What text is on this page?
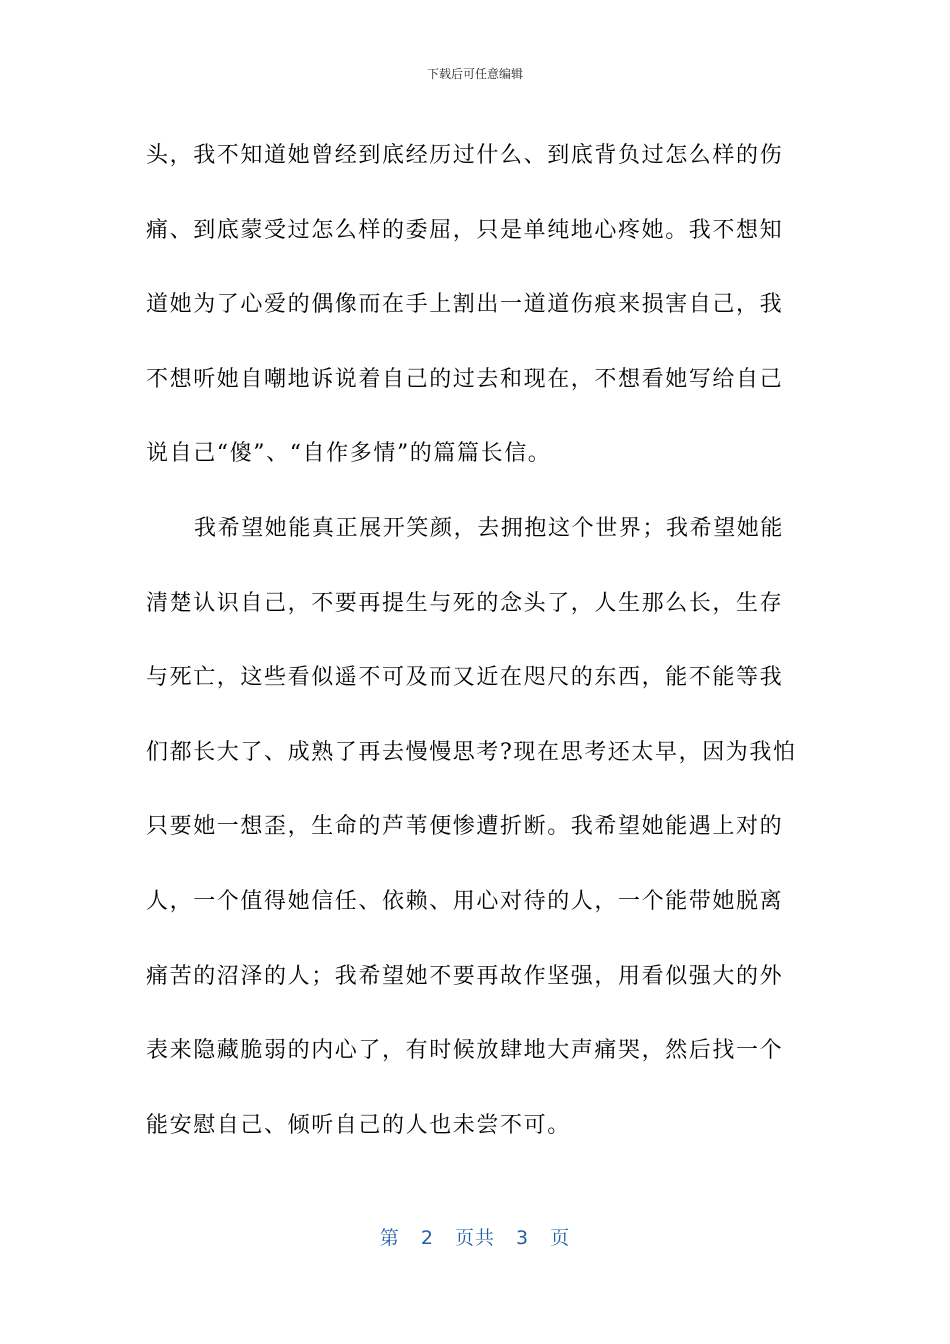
下载后可任意编辑

头，我不知道她曾经到底经历过什么、到底背负过怎么样的伤
痛、到底蒙受过怎么样的委屈，只是单纯地心疼她。我不想知
道她为了心爱的偶像而在手上割出一道道伤痕来损害自己，我
不想听她自嘲地诉说着自己的过去和现在，不想看她写给自己
说自己“傻”、“自作多情”的篇篇长信。

我希望她能真正展开笑颜，去拥抱这个世界；我希望她能
清楚认识自己，不要再提生与死的念头了，人生那么长，生存
与死亡，这些看似遥不可及而又近在咫尺的东西，能不能等我
们都长大了、成熟了再去慢慢思考?现在思考还太早，因为我怕
只要她一想歪，生命的芦苇便惨遭折断。我希望她能遇上对的
人，一个值得她信任、依赖、用心对待的人，一个能带她脱离
痛苦的沼泽的人；我希望她不要再故作坚强，用看似强大的外
表来隐藏脆弱的内心了，有时候放肆地大声痛哭，然后找一个
能安慰自己、倾听自己的人也未尝不可。

第 2 页共 3 页
